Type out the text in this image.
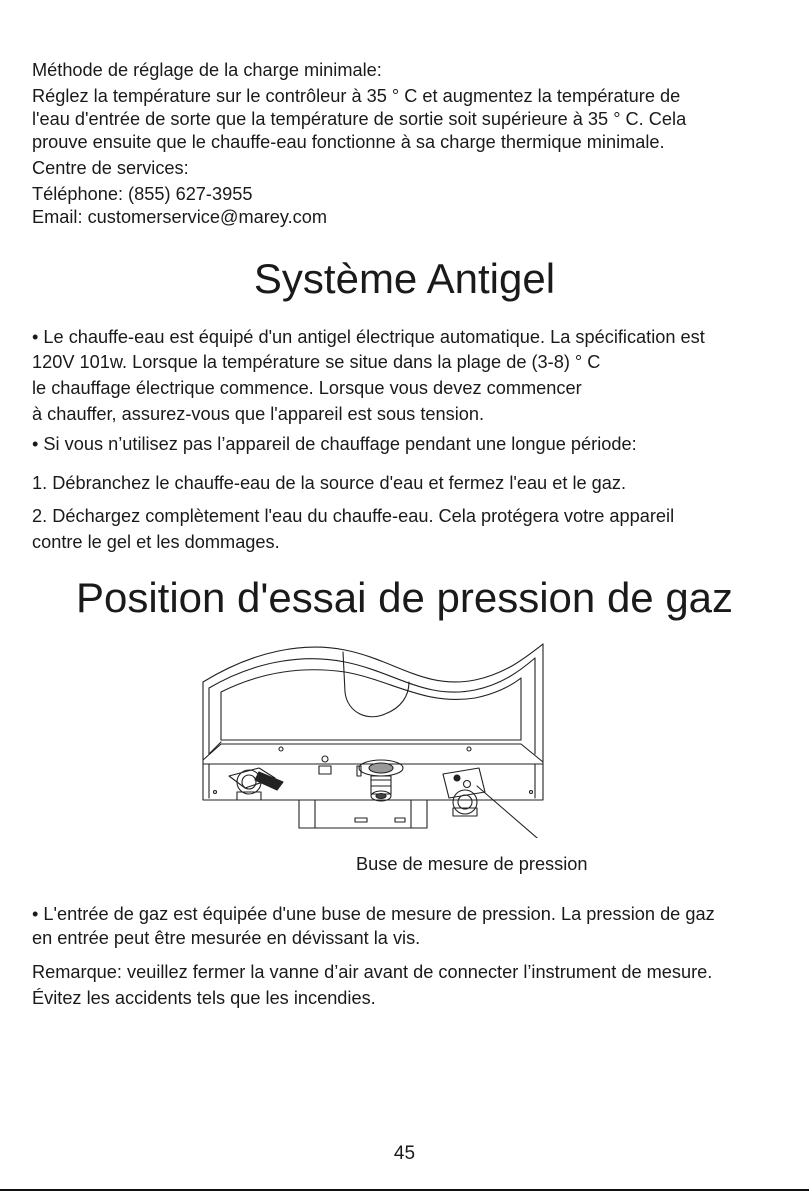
Méthode de réglage de la charge minimale:

Réglez la température sur le contrôleur à 35 ° C et augmentez la température de

l'eau d'entrée de sorte que la température de sortie soit supérieure à 35 ° C. Cela

prouve ensuite que le chauffe-eau fonctionne à sa charge thermique minimale.

Centre de services:

Téléphone: (855) 627-3955

Email: customerservice@marey.com

Système Antigel

• Le chauffe-eau est équipé d'un antigel électrique automatique. La spécification est

120V 101w. Lorsque la température se situe dans la plage de (3-8) ° C

le chauffage électrique commence. Lorsque vous devez commencer

à chauffer, assurez-vous que l'appareil est sous tension.

• Si vous n’utilisez pas l’appareil de chauffage pendant une longue période:

1. Débranchez le chauffe-eau de la source d'eau et fermez l'eau et le gaz.

2. Déchargez complètement l'eau du chauffe-eau. Cela protégera votre appareil

contre le gel et les dommages.

Position d'essai de pression de gaz

Buse de mesure de pression

• L'entrée de gaz est équipée d'une buse de mesure de pression. La pression de gaz

en entrée peut être mesurée en dévissant la vis.

Remarque: veuillez fermer la vanne d’air avant de connecter l’instrument de mesure.

Évitez les accidents tels que les incendies.

45
